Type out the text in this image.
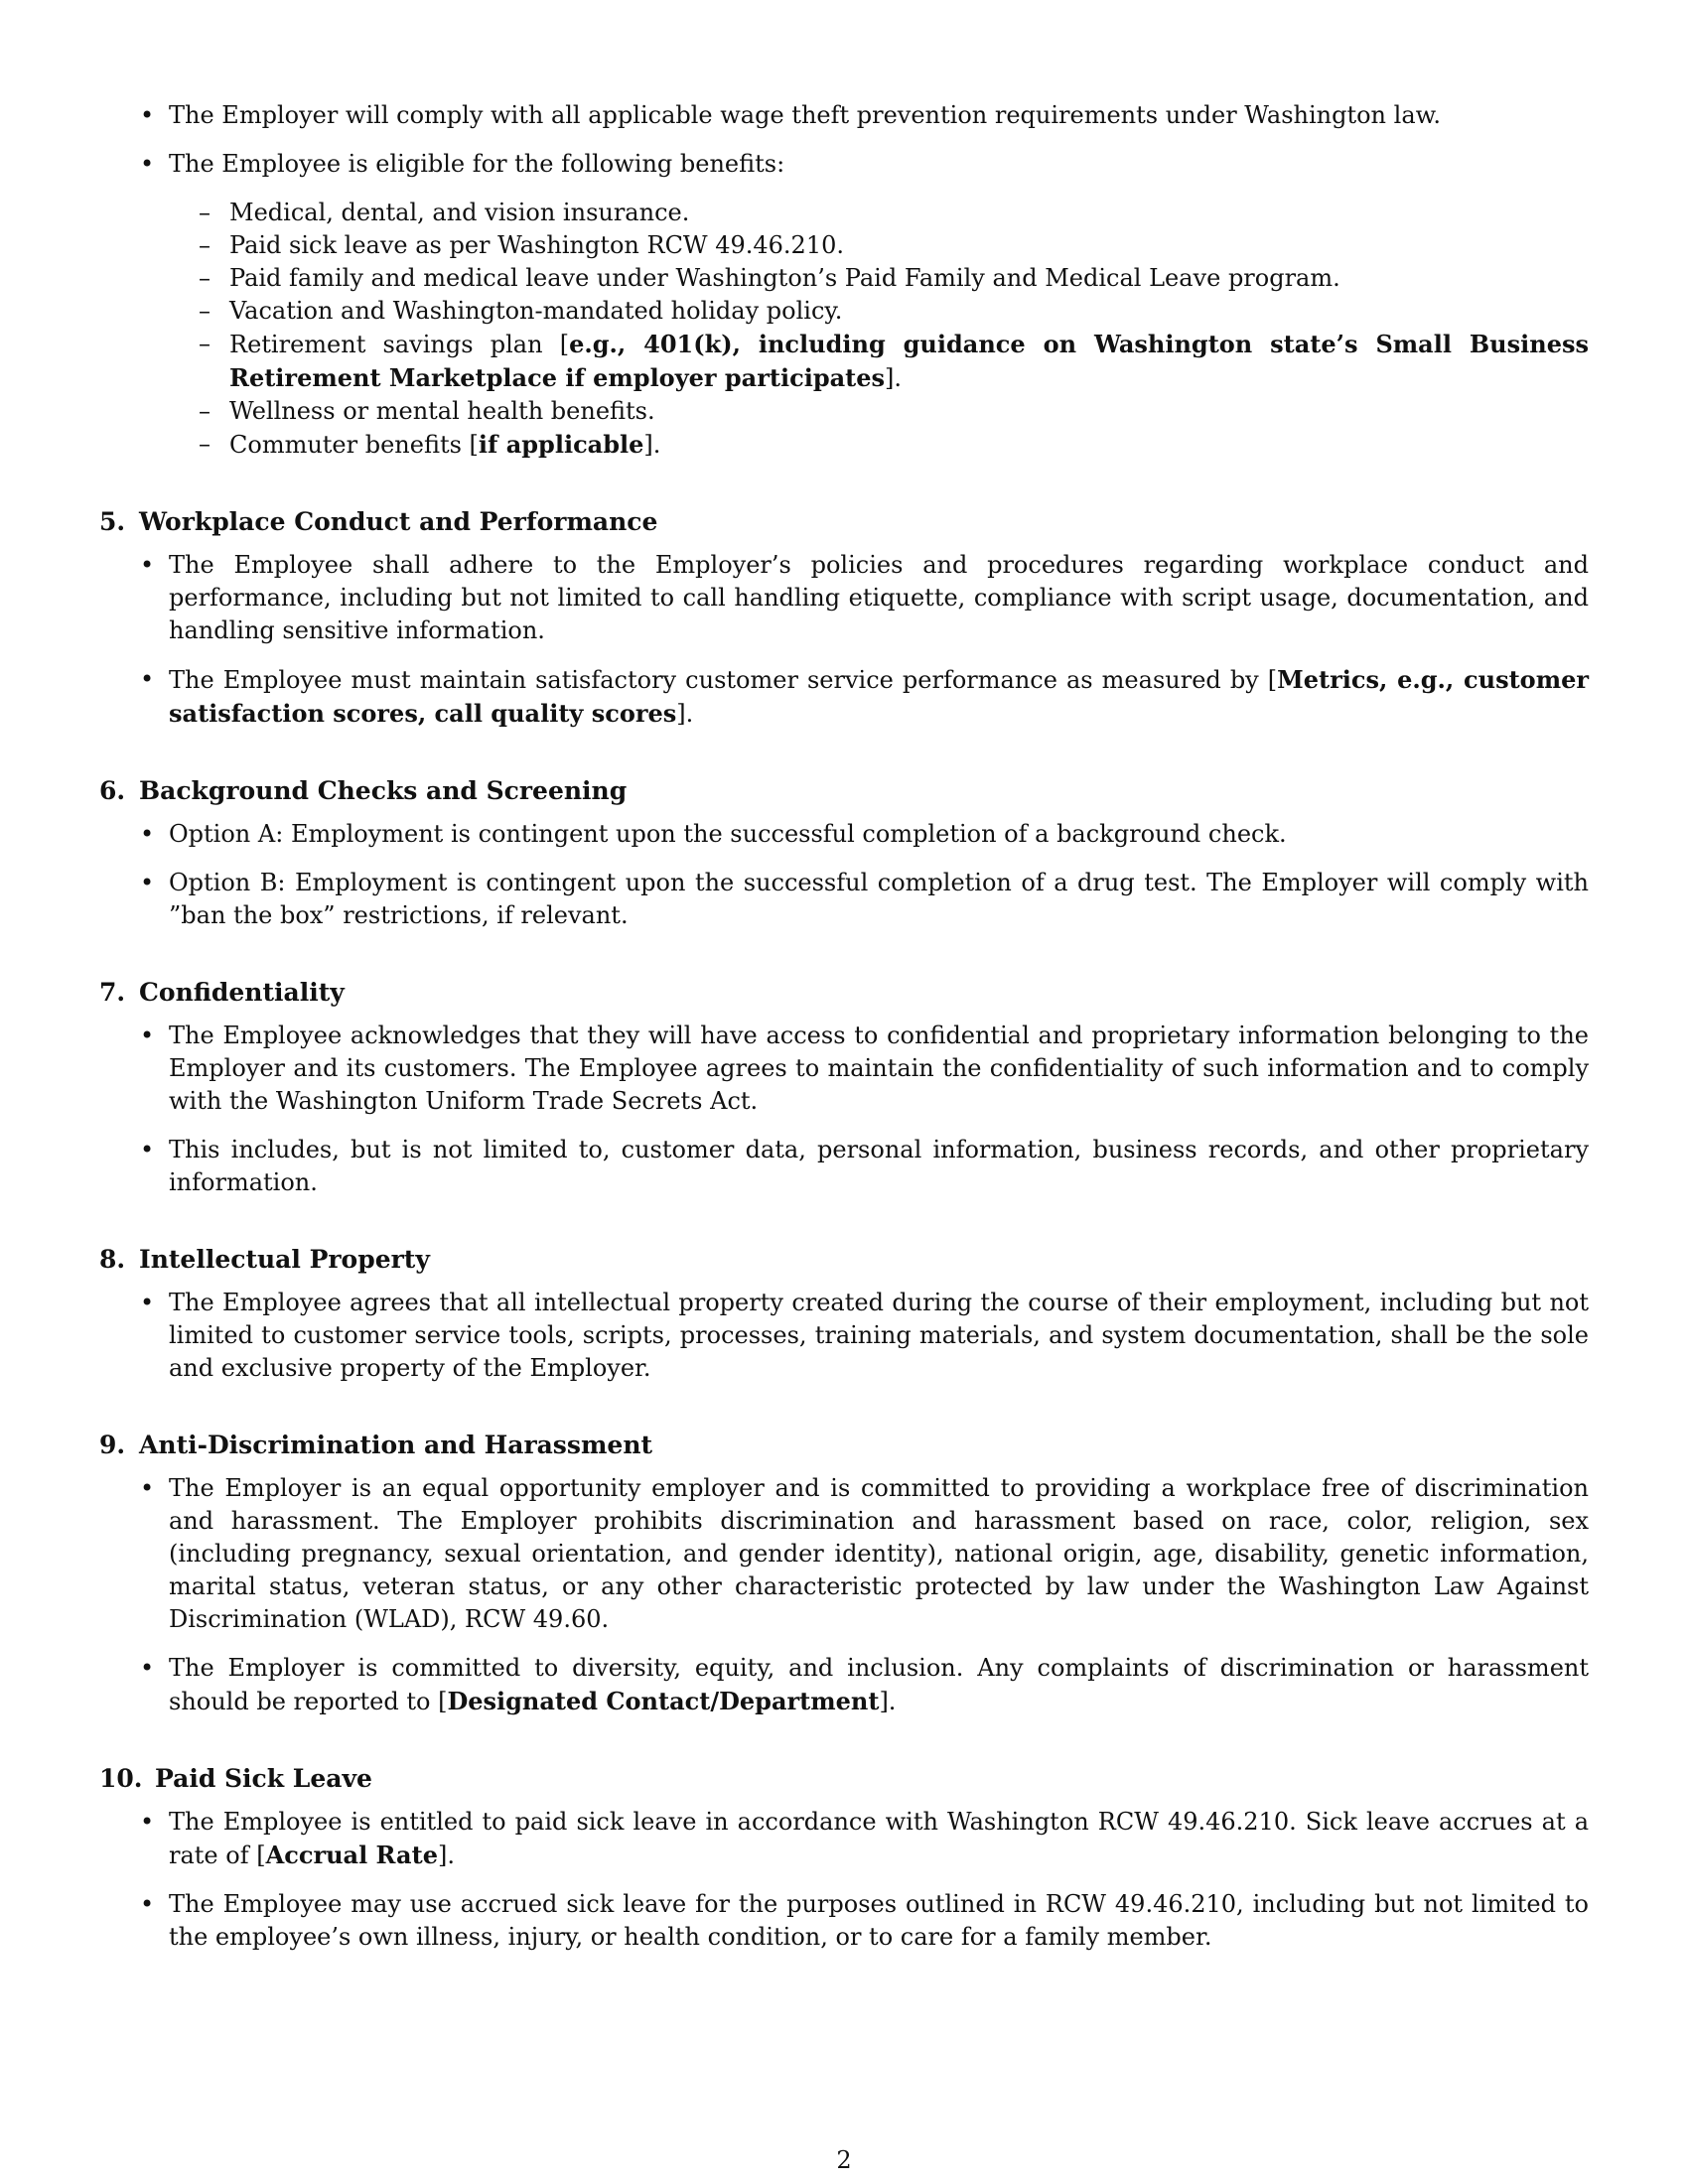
• The Employer will comply with all applicable wage theft prevention requirements under Washington law.
• The Employee is eligible for the following benefits:
– Medical, dental, and vision insurance.
– Paid sick leave as per Washington RCW 49.46.210.
– Paid family and medical leave under Washington’s Paid Family and Medical Leave program.
– Vacation and Washington-mandated holiday policy.
– Retirement savings plan [e.g., 401(k), including guidance on Washington state’s Small Business Retirement Marketplace if employer participates].
– Wellness or mental health benefits.
– Commuter benefits [if applicable].
5. Workplace Conduct and Performance
• The Employee shall adhere to the Employer’s policies and procedures regarding workplace conduct and performance, including but not limited to call handling etiquette, compliance with script usage, documentation, and handling sensitive information.
• The Employee must maintain satisfactory customer service performance as measured by [Metrics, e.g., customer satisfaction scores, call quality scores].
6. Background Checks and Screening
• Option A: Employment is contingent upon the successful completion of a background check.
• Option B: Employment is contingent upon the successful completion of a drug test. The Employer will comply with ”ban the box” restrictions, if relevant.
7. Confidentiality
• The Employee acknowledges that they will have access to confidential and proprietary information belonging to the Employer and its customers. The Employee agrees to maintain the confidentiality of such information and to comply with the Washington Uniform Trade Secrets Act.
• This includes, but is not limited to, customer data, personal information, business records, and other proprietary information.
8. Intellectual Property
• The Employee agrees that all intellectual property created during the course of their employment, including but not limited to customer service tools, scripts, processes, training materials, and system documentation, shall be the sole and exclusive property of the Employer.
9. Anti-Discrimination and Harassment
• The Employer is an equal opportunity employer and is committed to providing a workplace free of discrimination and harassment. The Employer prohibits discrimination and harassment based on race, color, religion, sex (including pregnancy, sexual orientation, and gender identity), national origin, age, disability, genetic information, marital status, veteran status, or any other characteristic protected by law under the Washington Law Against Discrimination (WLAD), RCW 49.60.
• The Employer is committed to diversity, equity, and inclusion. Any complaints of discrimination or harassment should be reported to [Designated Contact/Department].
10. Paid Sick Leave
• The Employee is entitled to paid sick leave in accordance with Washington RCW 49.46.210. Sick leave accrues at a rate of [Accrual Rate].
• The Employee may use accrued sick leave for the purposes outlined in RCW 49.46.210, including but not limited to the employee’s own illness, injury, or health condition, or to care for a family member.
2
